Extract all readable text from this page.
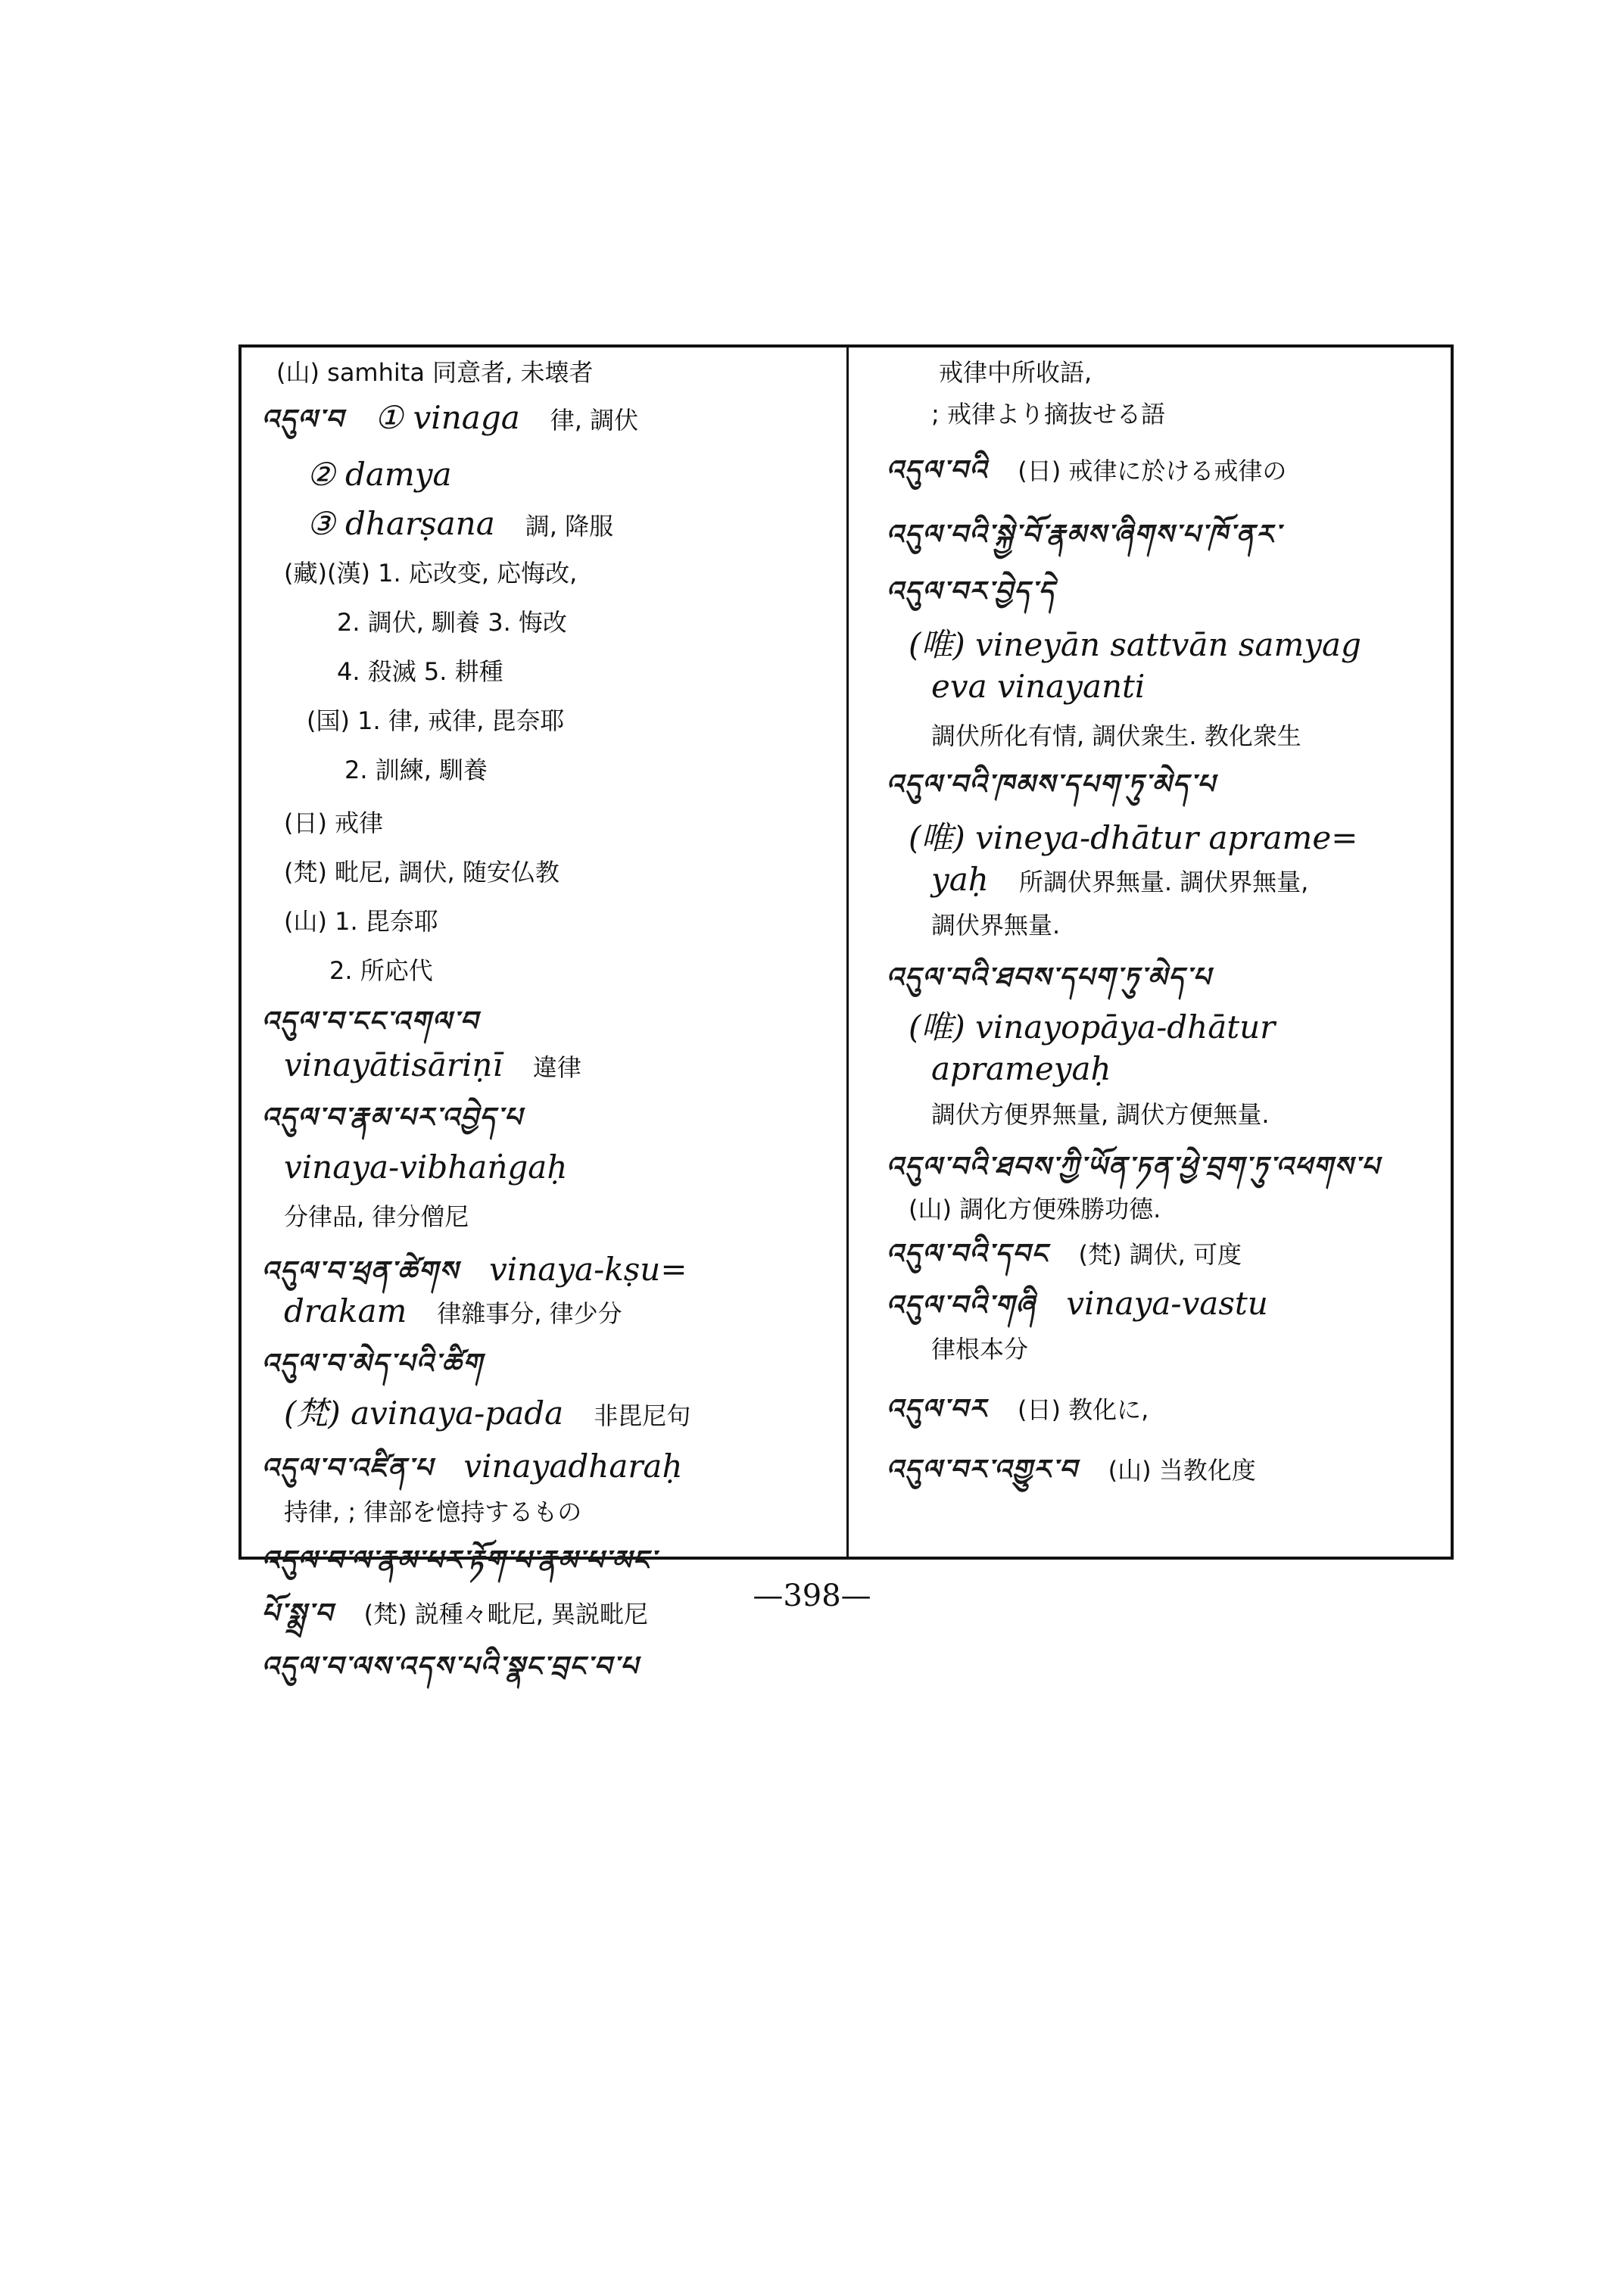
(山) samhita 同意者, 未壊者
འདུལ་བ ① vinaga 律, 調伏
② damya
③ dharṣana 調, 降服
(藏)(漢) 1. 応改变, 応悔改,
2. 調伏, 馴養 3. 悔改
4. 殺滅 5. 耕種
(国) 1. 律, 戒律, 毘奈耶
2. 訓練, 馴養
(日) 戒律
(梵) 毗尼, 調伏, 随安仏教
(山) 1. 毘奈耶
2. 所応代
འདུལ་བ་ངང་འགལ་བ
vinayātisāriṇī 違律
འདུལ་བ་རྣམ་པར་འབྱེད་པ
vinaya-vibhaṅgaḥ
分律品, 律分僧尼
འདུལ་བ་ཕྲན་ཚེགས vinaya-kṣu=
drakam 律雜事分, 律少分
འདུལ་བ་མེད་པའི་ཚིག
(梵) avinaya-pada 非毘尼句
འདུལ་བ་འཛིན་པ vinayadharaḥ
持律, ; 律部を憶持するもの
འདུལ་བ་ལ་རྣམ་པར་རྟོག་པ་རྣམ་པ་མང་
པོ་སྨྲ་བ (梵) 説種々毗尼, 異説毗尼
འདུལ་བ་ལས་འདས་པའི་སྣང་བྲང་བ་པ
戒律中所收語,
; 戒律より摘抜せる語
འདུལ་བའི (日) 戒律に於ける戒律の
འདུལ་བའི་སྐྱེ་བོ་རྣམས་ཞིགས་པ་ཁོ་ནར་
འདུལ་བར་བྱེད་དེ
(唯) vineyān sattvān samyag
eva vinayanti
調伏所化有情, 調伏衆生. 教化衆生
འདུལ་བའི་ཁམས་དཔག་ཏུ་མེད་པ
(唯) vineya-dhātur aprame=
yaḥ 所調伏界無量. 調伏界無量,
調伏界無量.
འདུལ་བའི་ཐབས་དཔག་ཏུ་མེད་པ
(唯) vinayopāya-dhātur
aprameyaḥ
調伏方便界無量, 調伏方便無量.
འདུལ་བའི་ཐབས་ཀྱི་ཡོན་ཏན་ཕྱེ་བྲག་ཏུ་འཕགས་པ
(山) 調化方便殊勝功德.
འདུལ་བའི་དབང (梵) 調伏, 可度
འདུལ་བའི་གཞི vinaya-vastu
律根本分
འདུལ་བར (日) 教化に,
འདུལ་བར་འགྱུར་བ (山) 当教化度
—398—
